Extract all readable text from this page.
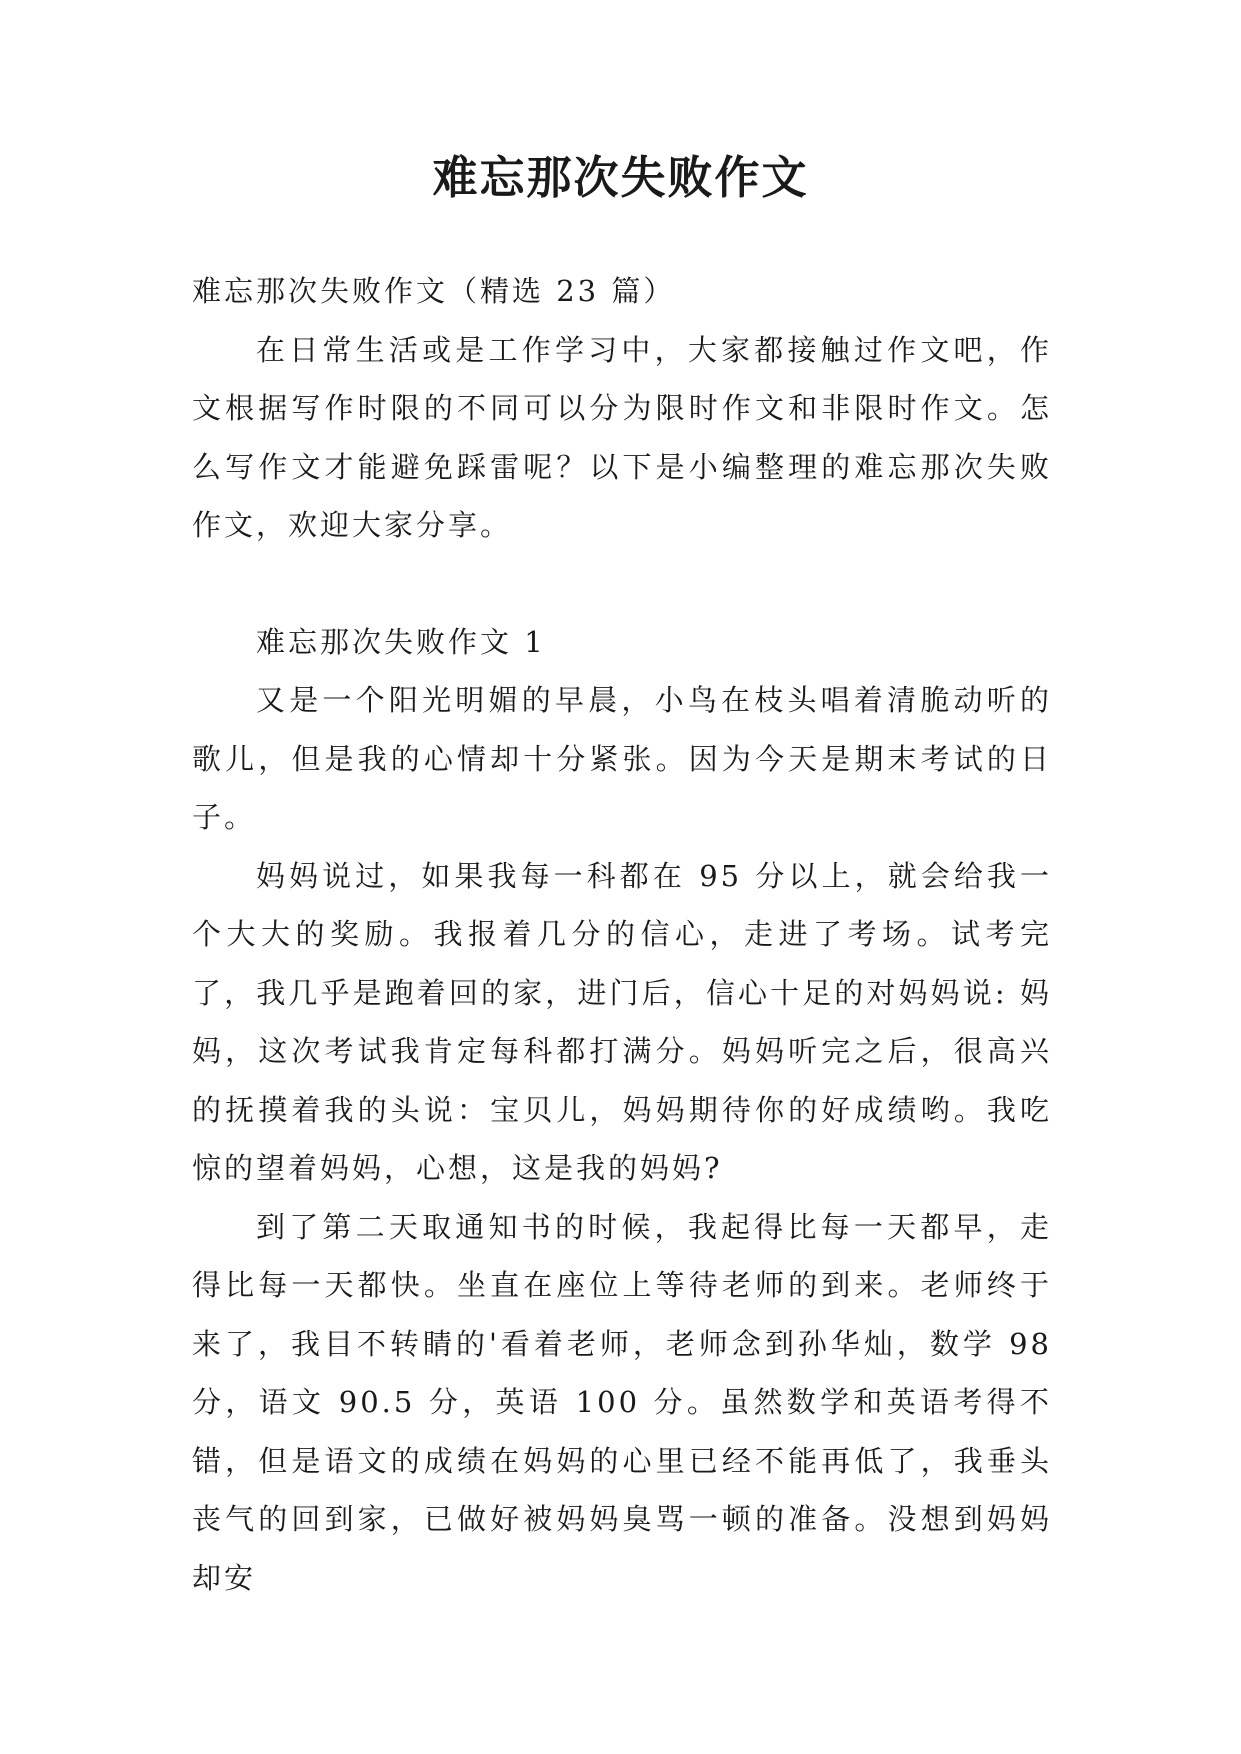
难忘那次失败作文

难忘那次失败作文（精选 23 篇）

在日常生活或是工作学习中，大家都接触过作文吧，作文根据写作时限的不同可以分为限时作文和非限时作文。怎么写作文才能避免踩雷呢？以下是小编整理的难忘那次失败作文，欢迎大家分享。

难忘那次失败作文 1

又是一个阳光明媚的早晨，小鸟在枝头唱着清脆动听的歌儿，但是我的心情却十分紧张。因为今天是期末考试的日子。

妈妈说过，如果我每一科都在 95 分以上，就会给我一个大大的奖励。我报着几分的信心，走进了考场。试考完了，我几乎是跑着回的家，进门后，信心十足的对妈妈说: 妈妈，这次考试我肯定每科都打满分。妈妈听完之后，很高兴的抚摸着我的头说：宝贝儿，妈妈期待你的好成绩哟。我吃惊的望着妈妈，心想，这是我的妈妈?

到了第二天取通知书的时候，我起得比每一天都早，走得比每一天都快。坐直在座位上等待老师的到来。老师终于来了，我目不转睛的'看着老师，老师念到孙华灿，数学 98分，语文 90.5 分，英语 100 分。虽然数学和英语考得不错，但是语文的成绩在妈妈的心里已经不能再低了，我垂头丧气的回到家，已做好被妈妈臭骂一顿的准备。没想到妈妈却安
